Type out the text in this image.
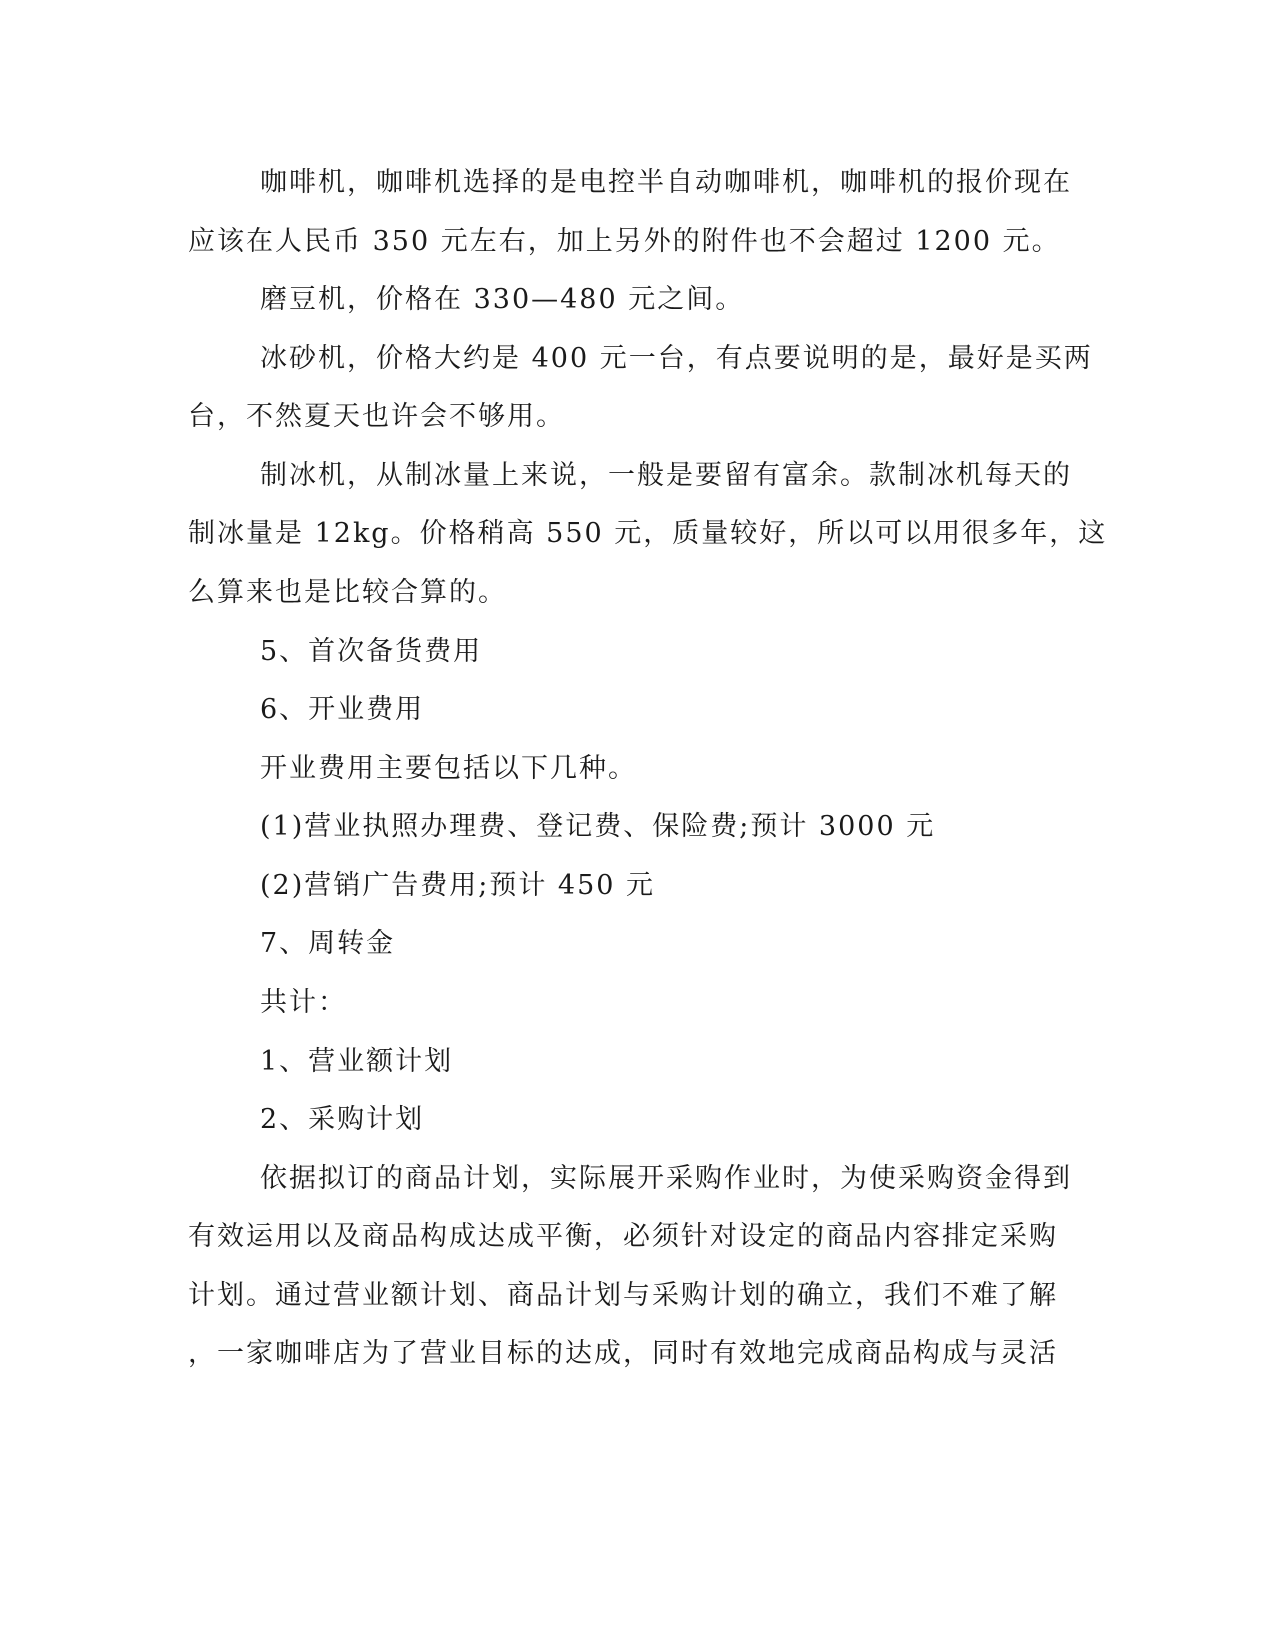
咖啡机，咖啡机选择的是电控半自动咖啡机，咖啡机的报价现在
应该在人民币 350 元左右，加上另外的附件也不会超过 1200 元。
磨豆机，价格在 330—480 元之间。
冰砂机，价格大约是 400 元一台，有点要说明的是，最好是买两
台，不然夏天也许会不够用。
制冰机，从制冰量上来说，一般是要留有富余。款制冰机每天的
制冰量是 12kg。价格稍高 550 元，质量较好，所以可以用很多年，这
么算来也是比较合算的。
5、首次备货费用
6、开业费用
开业费用主要包括以下几种。
(1)营业执照办理费、登记费、保险费;预计 3000 元
(2)营销广告费用;预计 450 元
7、周转金
共计：
1、营业额计划
2、采购计划
依据拟订的商品计划，实际展开采购作业时，为使采购资金得到
有效运用以及商品构成达成平衡，必须针对设定的商品内容排定采购
计划。通过营业额计划、商品计划与采购计划的确立，我们不难了解
，一家咖啡店为了营业目标的达成，同时有效地完成商品构成与灵活
